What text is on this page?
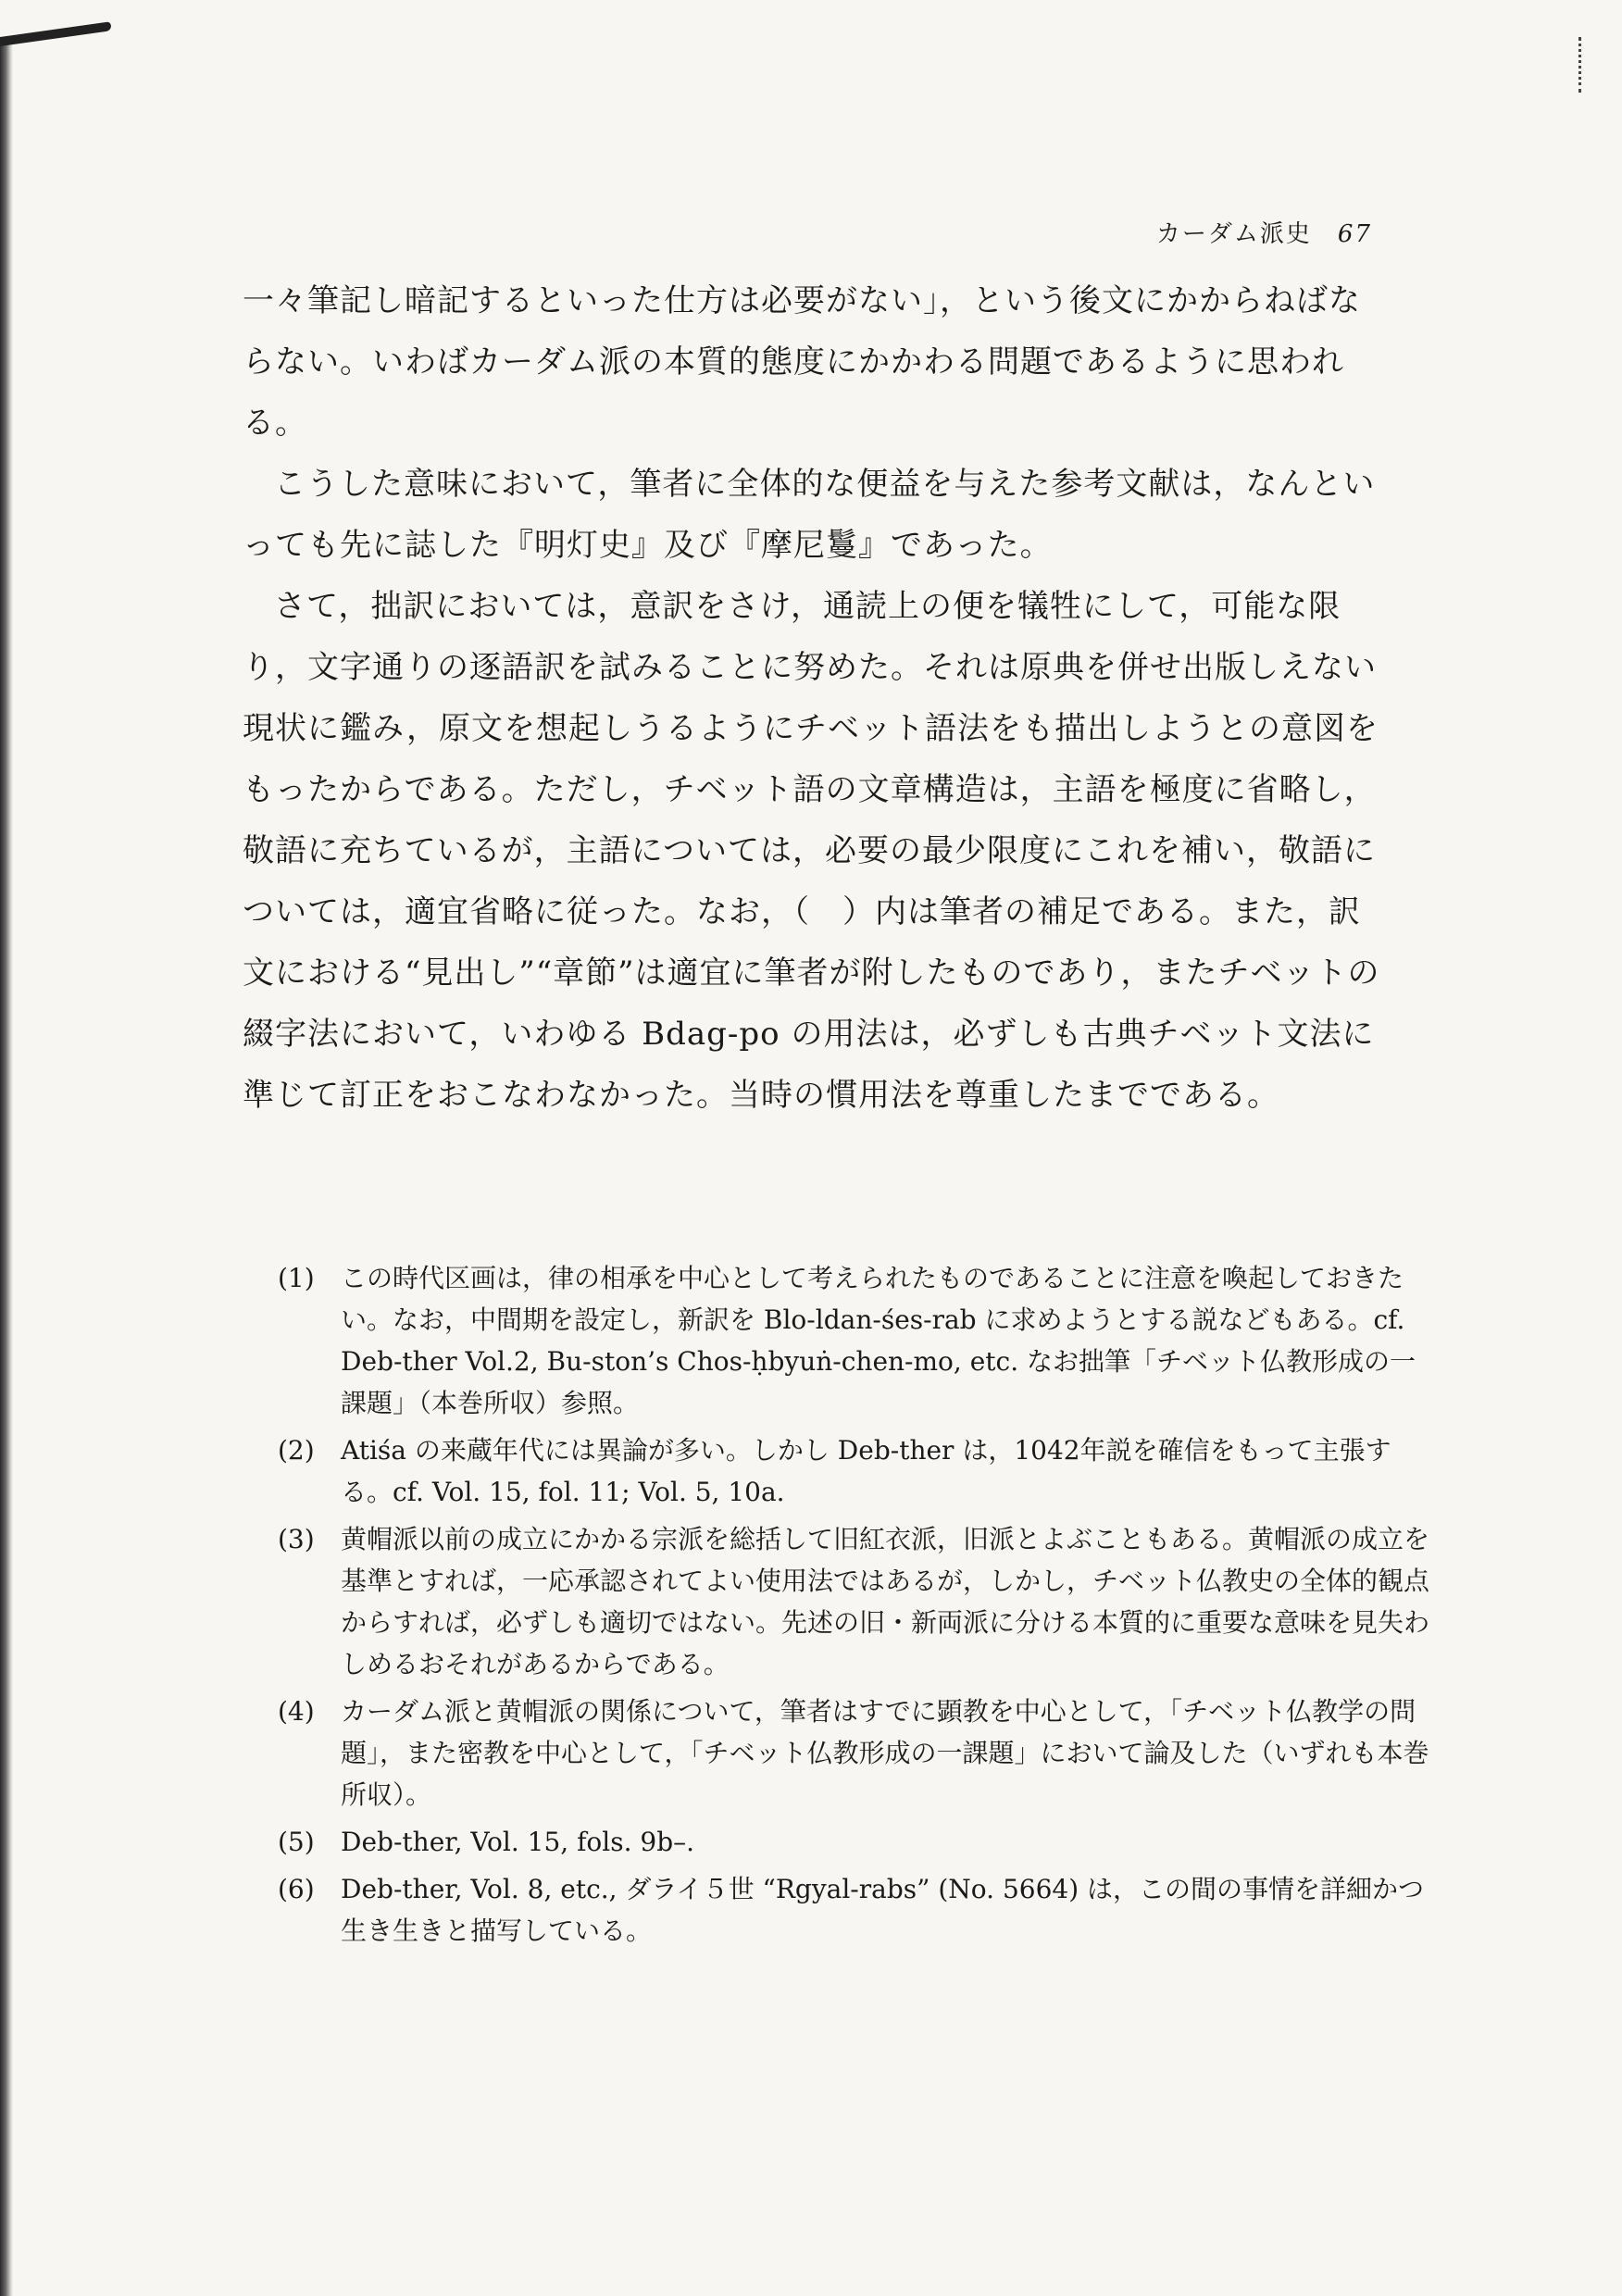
カーダム派史 67

一々筆記し暗記するといった仕方は必要がない」，という後文にかからねばならない。いわばカーダム派の本質的態度にかかわる問題であるように思われる。

こうした意味において，筆者に全体的な便益を与えた参考文献は，なんといっても先に誌した『明灯史』及び『摩尼鬘』であった。

さて，拙訳においては，意訳をさけ，通読上の便を犠牲にして，可能な限り，文字通りの逐語訳を試みることに努めた。それは原典を併せ出版しえない現状に鑑み，原文を想起しうるようにチベット語法をも描出しようとの意図をもったからである。ただし，チベット語の文章構造は，主語を極度に省略し，敬語に充ちているが，主語については，必要の最少限度にこれを補い，敬語については，適宜省略に従った。なお，（　）内は筆者の補足である。また，訳文における“見出し”“章節”は適宜に筆者が附したものであり，またチベットの綴字法において，いわゆる Bdag-po の用法は，必ずしも古典チベット文法に準じて訂正をおこなわなかった。当時の慣用法を尊重したまでである。

(1)	この時代区画は，律の相承を中心として考えられたものであることに注意を喚起しておきたい。なお，中間期を設定し，新訳を Blo-ldan-śes-rab に求めようとする説などもある。cf. Deb-ther Vol.2, Bu-ston’s Chos-ḥbyuṅ-chen-mo, etc. なお拙筆「チベット仏教形成の一課題」（本巻所収）参照。
(2)	Atiśa の来蔵年代には異論が多い。しかし Deb-ther は，1042年説を確信をもって主張する。cf. Vol. 15, fol. 11; Vol. 5, 10a.
(3)	黄帽派以前の成立にかかる宗派を総括して旧紅衣派，旧派とよぶこともある。黄帽派の成立を基準とすれば，一応承認されてよい使用法ではあるが，しかし，チベット仏教史の全体的観点からすれば，必ずしも適切ではない。先述の旧・新両派に分ける本質的に重要な意味を見失わしめるおそれがあるからである。
(4)	カーダム派と黄帽派の関係について，筆者はすでに顕教を中心として，「チベット仏教学の問題」，また密教を中心として，「チベット仏教形成の一課題」において論及した（いずれも本巻所収）。
(5)	Deb-ther, Vol. 15, fols. 9b–.
(6)	Deb-ther, Vol. 8, etc., ダライ５世 “Rgyal-rabs” (No. 5664) は，この間の事情を詳細かつ生き生きと描写している。
